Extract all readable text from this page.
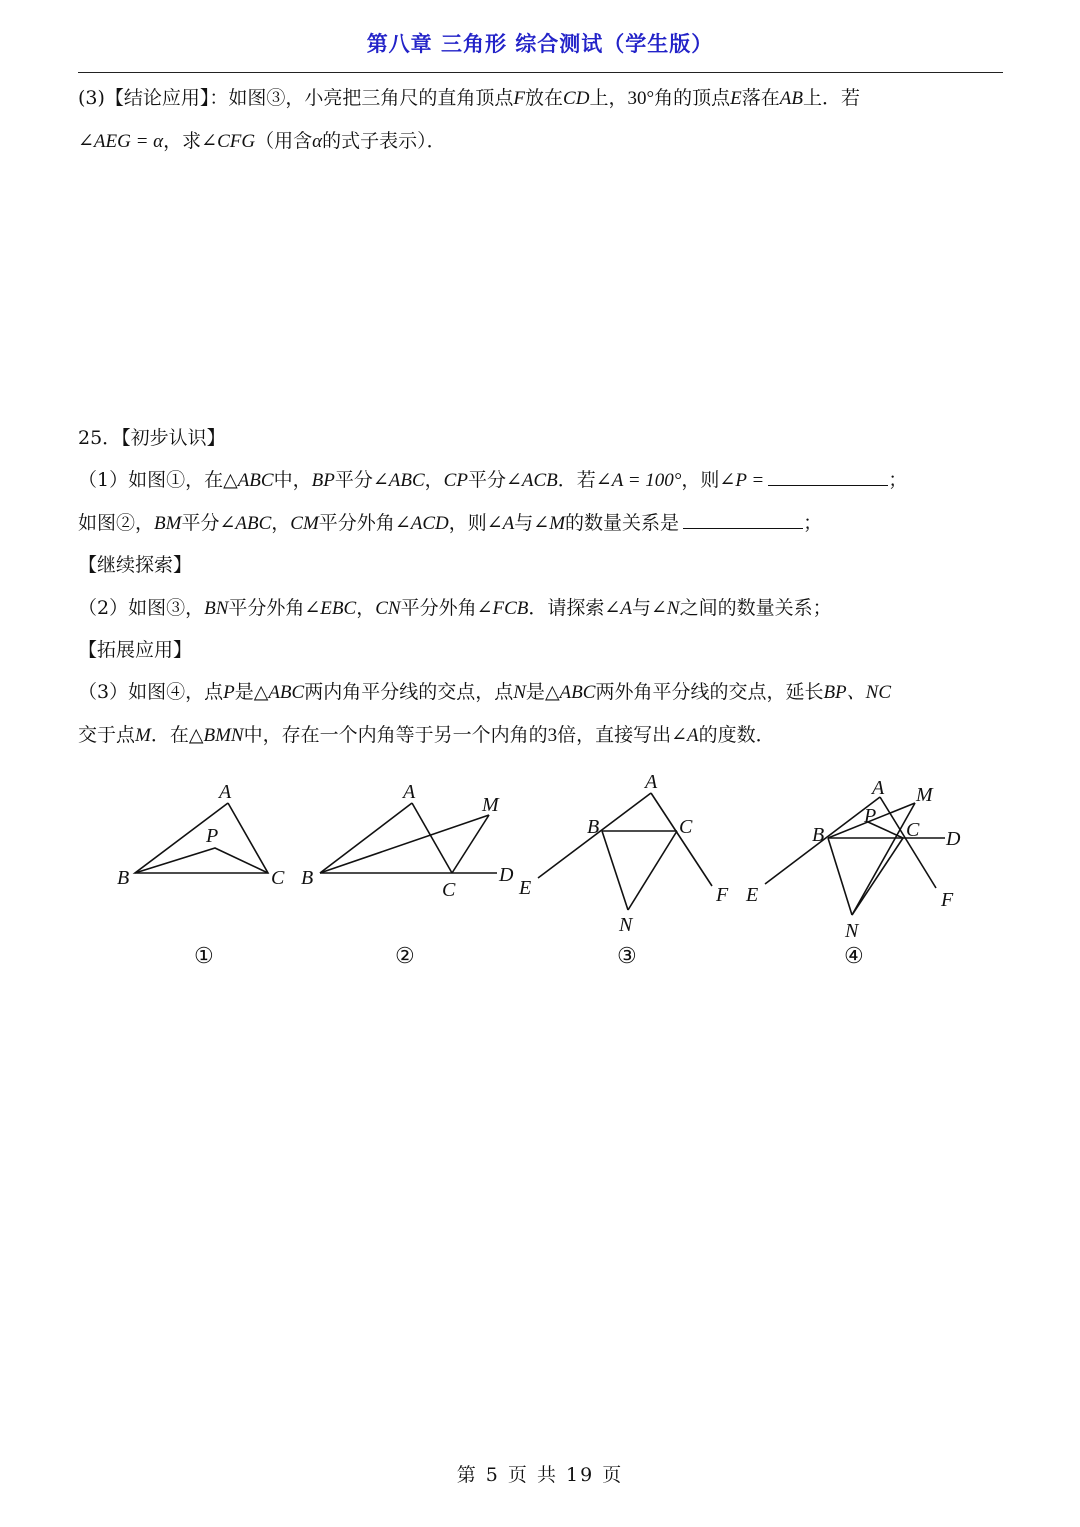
第八章 三角形 综合测试（学生版）
(3)【结论应用】：如图③，小亮把三角尺的直角顶点F放在CD上，30°角的顶点E落在AB上．若
∠AEG = α，求∠CFG（用含α的式子表示）．
25．【初步认识】
（1）如图①，在△ABC中，BP平分∠ABC，CP平分∠ACB．若∠A = 100°，则∠P =	；
如图②，BM平分∠ABC，CM平分外角∠ACD，则∠A与∠M的数量关系是	；
【继续探索】
（2）如图③，BN平分外角∠EBC，CN平分外角∠FCB．请探索∠A与∠N之间的数量关系；
【拓展应用】
（3）如图④，点P是△ABC两内角平分线的交点，点N是△ABC两外角平分线的交点，延长BP、NC
交于点M．在△BMN中，存在一个内角等于另一个内角的3倍，直接写出∠A的度数．
A
B	C
P
①
A
B
C
D
M
②
A
B	C
E	F
N
③
A
B	C D
E	F
M
N
P
④
第 5 页 共 19 页
